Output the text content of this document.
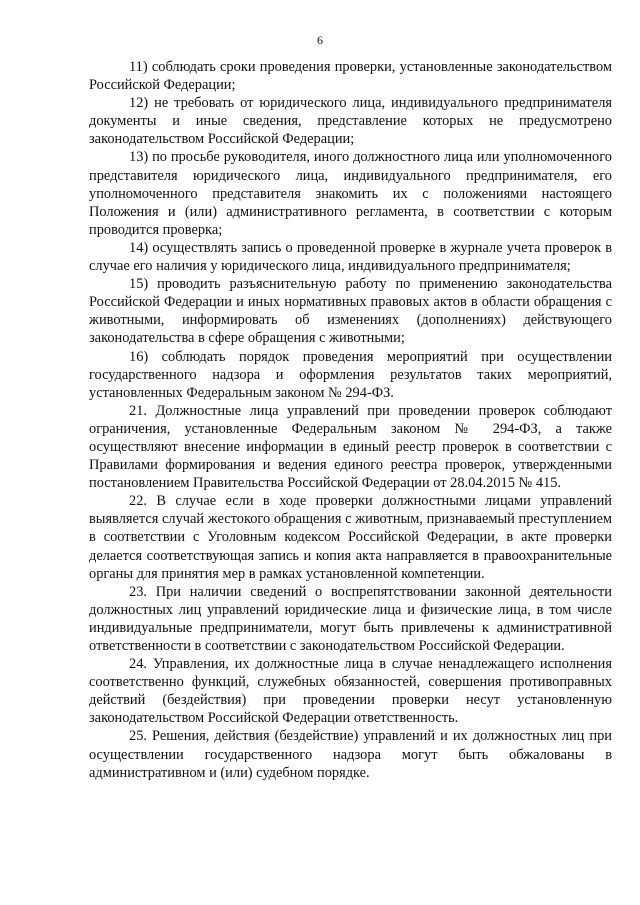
6

11) соблюдать сроки проведения проверки, установленные законодательством Российской Федерации;

12) не требовать от юридического лица, индивидуального предпринимателя документы и иные сведения, представление которых не предусмотрено законодательством Российской Федерации;

13) по просьбе руководителя, иного должностного лица или уполномоченного представителя юридического лица, индивидуального предпринимателя, его уполномоченного представителя знакомить их с положениями настоящего Положения и (или) административного регламента, в соответствии с которым проводится проверка;

14) осуществлять запись о проведенной проверке в журнале учета проверок в случае его наличия у юридического лица, индивидуального предпринимателя;

15) проводить разъяснительную работу по применению законодательства Российской Федерации и иных нормативных правовых актов в области обращения с животными, информировать об изменениях (дополнениях) действующего законодательства в сфере обращения с животными;

16) соблюдать порядок проведения мероприятий при осуществлении государственного надзора и оформления результатов таких мероприятий, установленных Федеральным законом № 294-ФЗ.

21. Должностные лица управлений при проведении проверок соблюдают ограничения, установленные Федеральным законом № 294-ФЗ, а также осуществляют внесение информации в единый реестр проверок в соответствии с Правилами формирования и ведения единого реестра проверок, утвержденными постановлением Правительства Российской Федерации от 28.04.2015 № 415.

22. В случае если в ходе проверки должностными лицами управлений выявляется случай жестокого обращения с животным, признаваемый преступлением в соответствии с Уголовным кодексом Российской Федерации, в акте проверки делается соответствующая запись и копия акта направляется в правоохранительные органы для принятия мер в рамках установленной компетенции.

23. При наличии сведений о воспрепятствовании законной деятельности должностных лиц управлений юридические лица и физические лица, в том числе индивидуальные предприниматели, могут быть привлечены к административной ответственности в соответствии с законодательством Российской Федерации.

24. Управления, их должностные лица в случае ненадлежащего исполнения соответственно функций, служебных обязанностей, совершения противоправных действий (бездействия) при проведении проверки несут установленную законодательством Российской Федерации ответственность.

25. Решения, действия (бездействие) управлений и их должностных лиц при осуществлении государственного надзора могут быть обжалованы в административном и (или) судебном порядке.
